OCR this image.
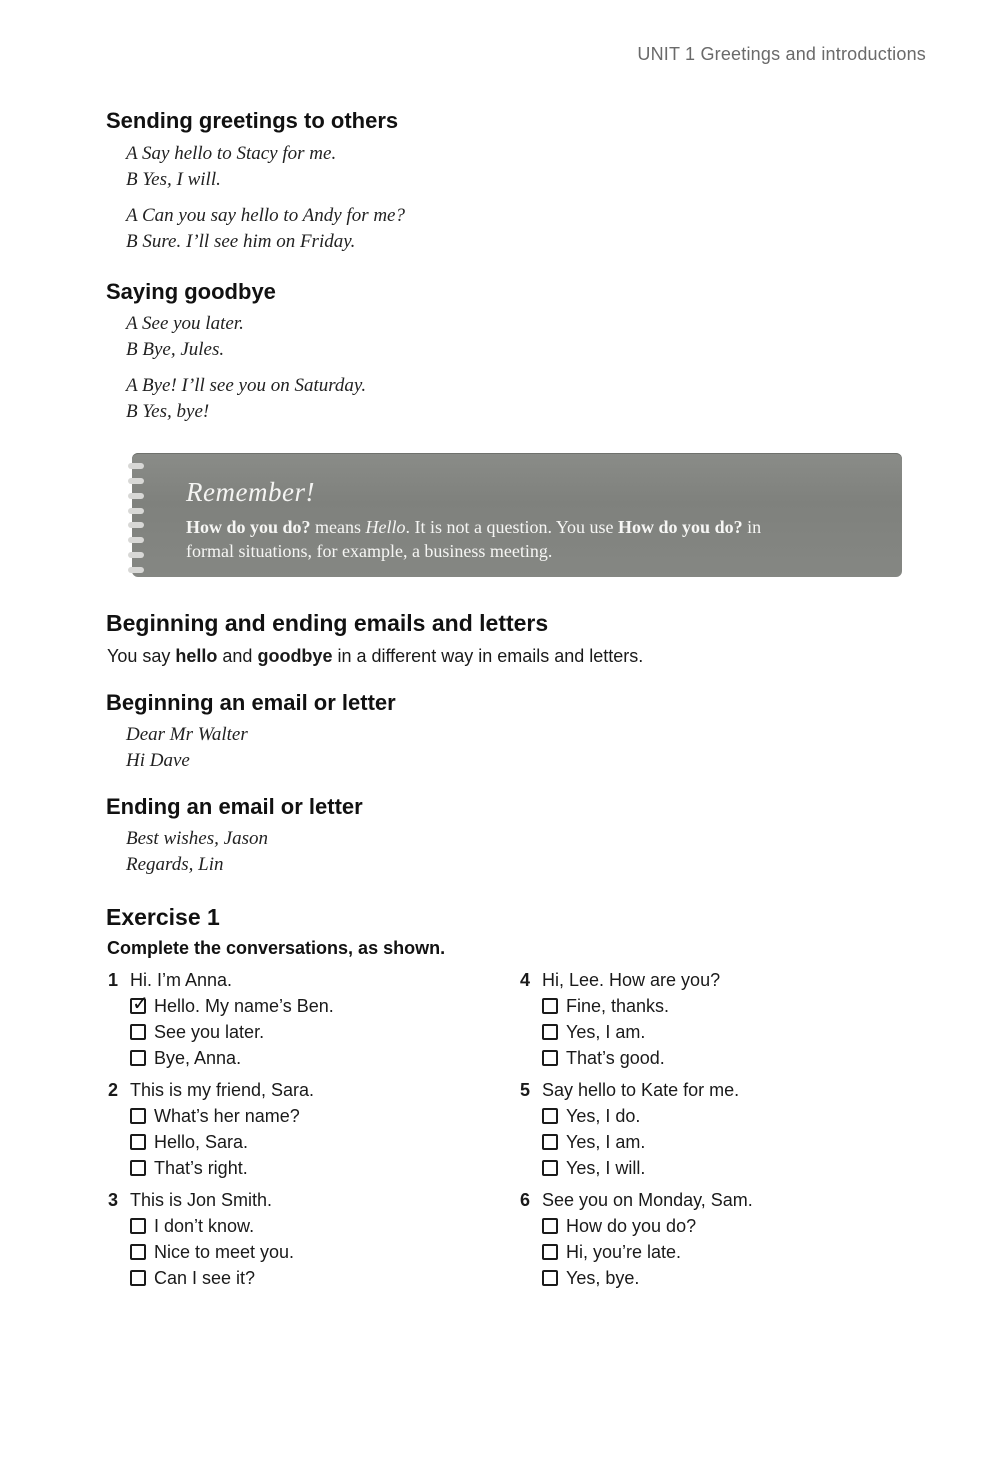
UNIT 1 Greetings and introductions
Sending greetings to others
A Say hello to Stacy for me.
B Yes, I will.
A Can you say hello to Andy for me?
B Sure. I’ll see him on Friday.
Saying goodbye
A See you later.
B Bye, Jules.
A Bye! I’ll see you on Saturday.
B Yes, bye!
Remember!
How do you do? means Hello. It is not a question. You use How do you do? in formal situations, for example, a business meeting.
Beginning and ending emails and letters

You say hello and goodbye in a different way in emails and letters.

Beginning an email or letter
Dear Mr Walter
Hi Dave
Ending an email or letter
Best wishes, Jason
Regards, Lin
Exercise 1

Complete the conversations, as shown.

1 Hi. I’m Anna.
✓
Hello. My name’s Ben.
See you later.
Bye, Anna.
2 This is my friend, Sara.
What’s her name?
Hello, Sara.
That’s right.
3 This is Jon Smith.
I don’t know.
Nice to meet you.
Can I see it?
4 Hi, Lee. How are you?
Fine, thanks.
Yes, I am.
That’s good.
5 Say hello to Kate for me.
Yes, I do.
Yes, I am.
Yes, I will.
6 See you on Monday, Sam.
How do you do?
Hi, you’re late.
Yes, bye.
